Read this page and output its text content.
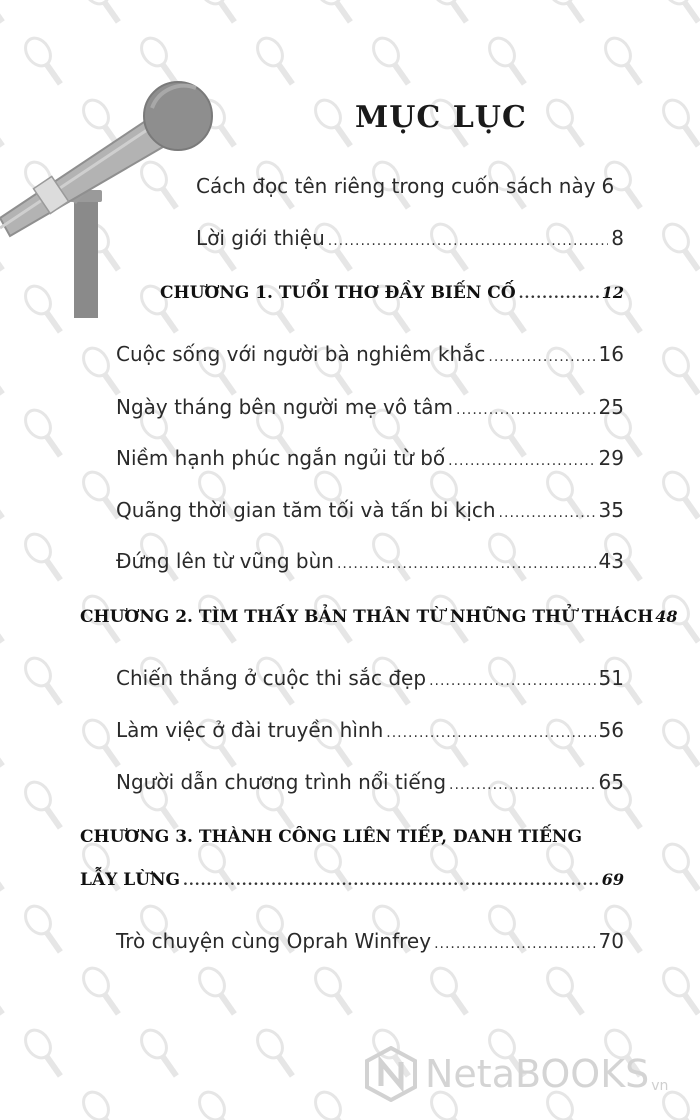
MỤC LỤC
Cách đọc tên riêng trong cuốn sách này 6
Lời giới thiệu .....	8
CHƯƠNG 1. TUỔI THƠ ĐẦY BIẾN CỐ .....	12
Cuộc sống với người bà nghiêm khắc .....	16
Ngày tháng bên người mẹ vô tâm .....	25
Niềm hạnh phúc ngắn ngủi từ bố .....	29
Quãng thời gian tăm tối và tấn bi kịch .....	35
Đứng lên từ vũng bùn .....	43
CHƯƠNG 2. TÌM THẤY BẢN THÂN TỪ NHỮNG THỬ THÁCH 48
Chiến thắng ở cuộc thi sắc đẹp .....	51
Làm việc ở đài truyền hình .....	56
Người dẫn chương trình nổi tiếng .....	65
CHƯƠNG 3. THÀNH CÔNG LIÊN TIẾP, DANH TIẾNG
LẪY LỪNG .....	69
Trò chuyện cùng Oprah Winfrey .....	70
NetaBOOKS vn
